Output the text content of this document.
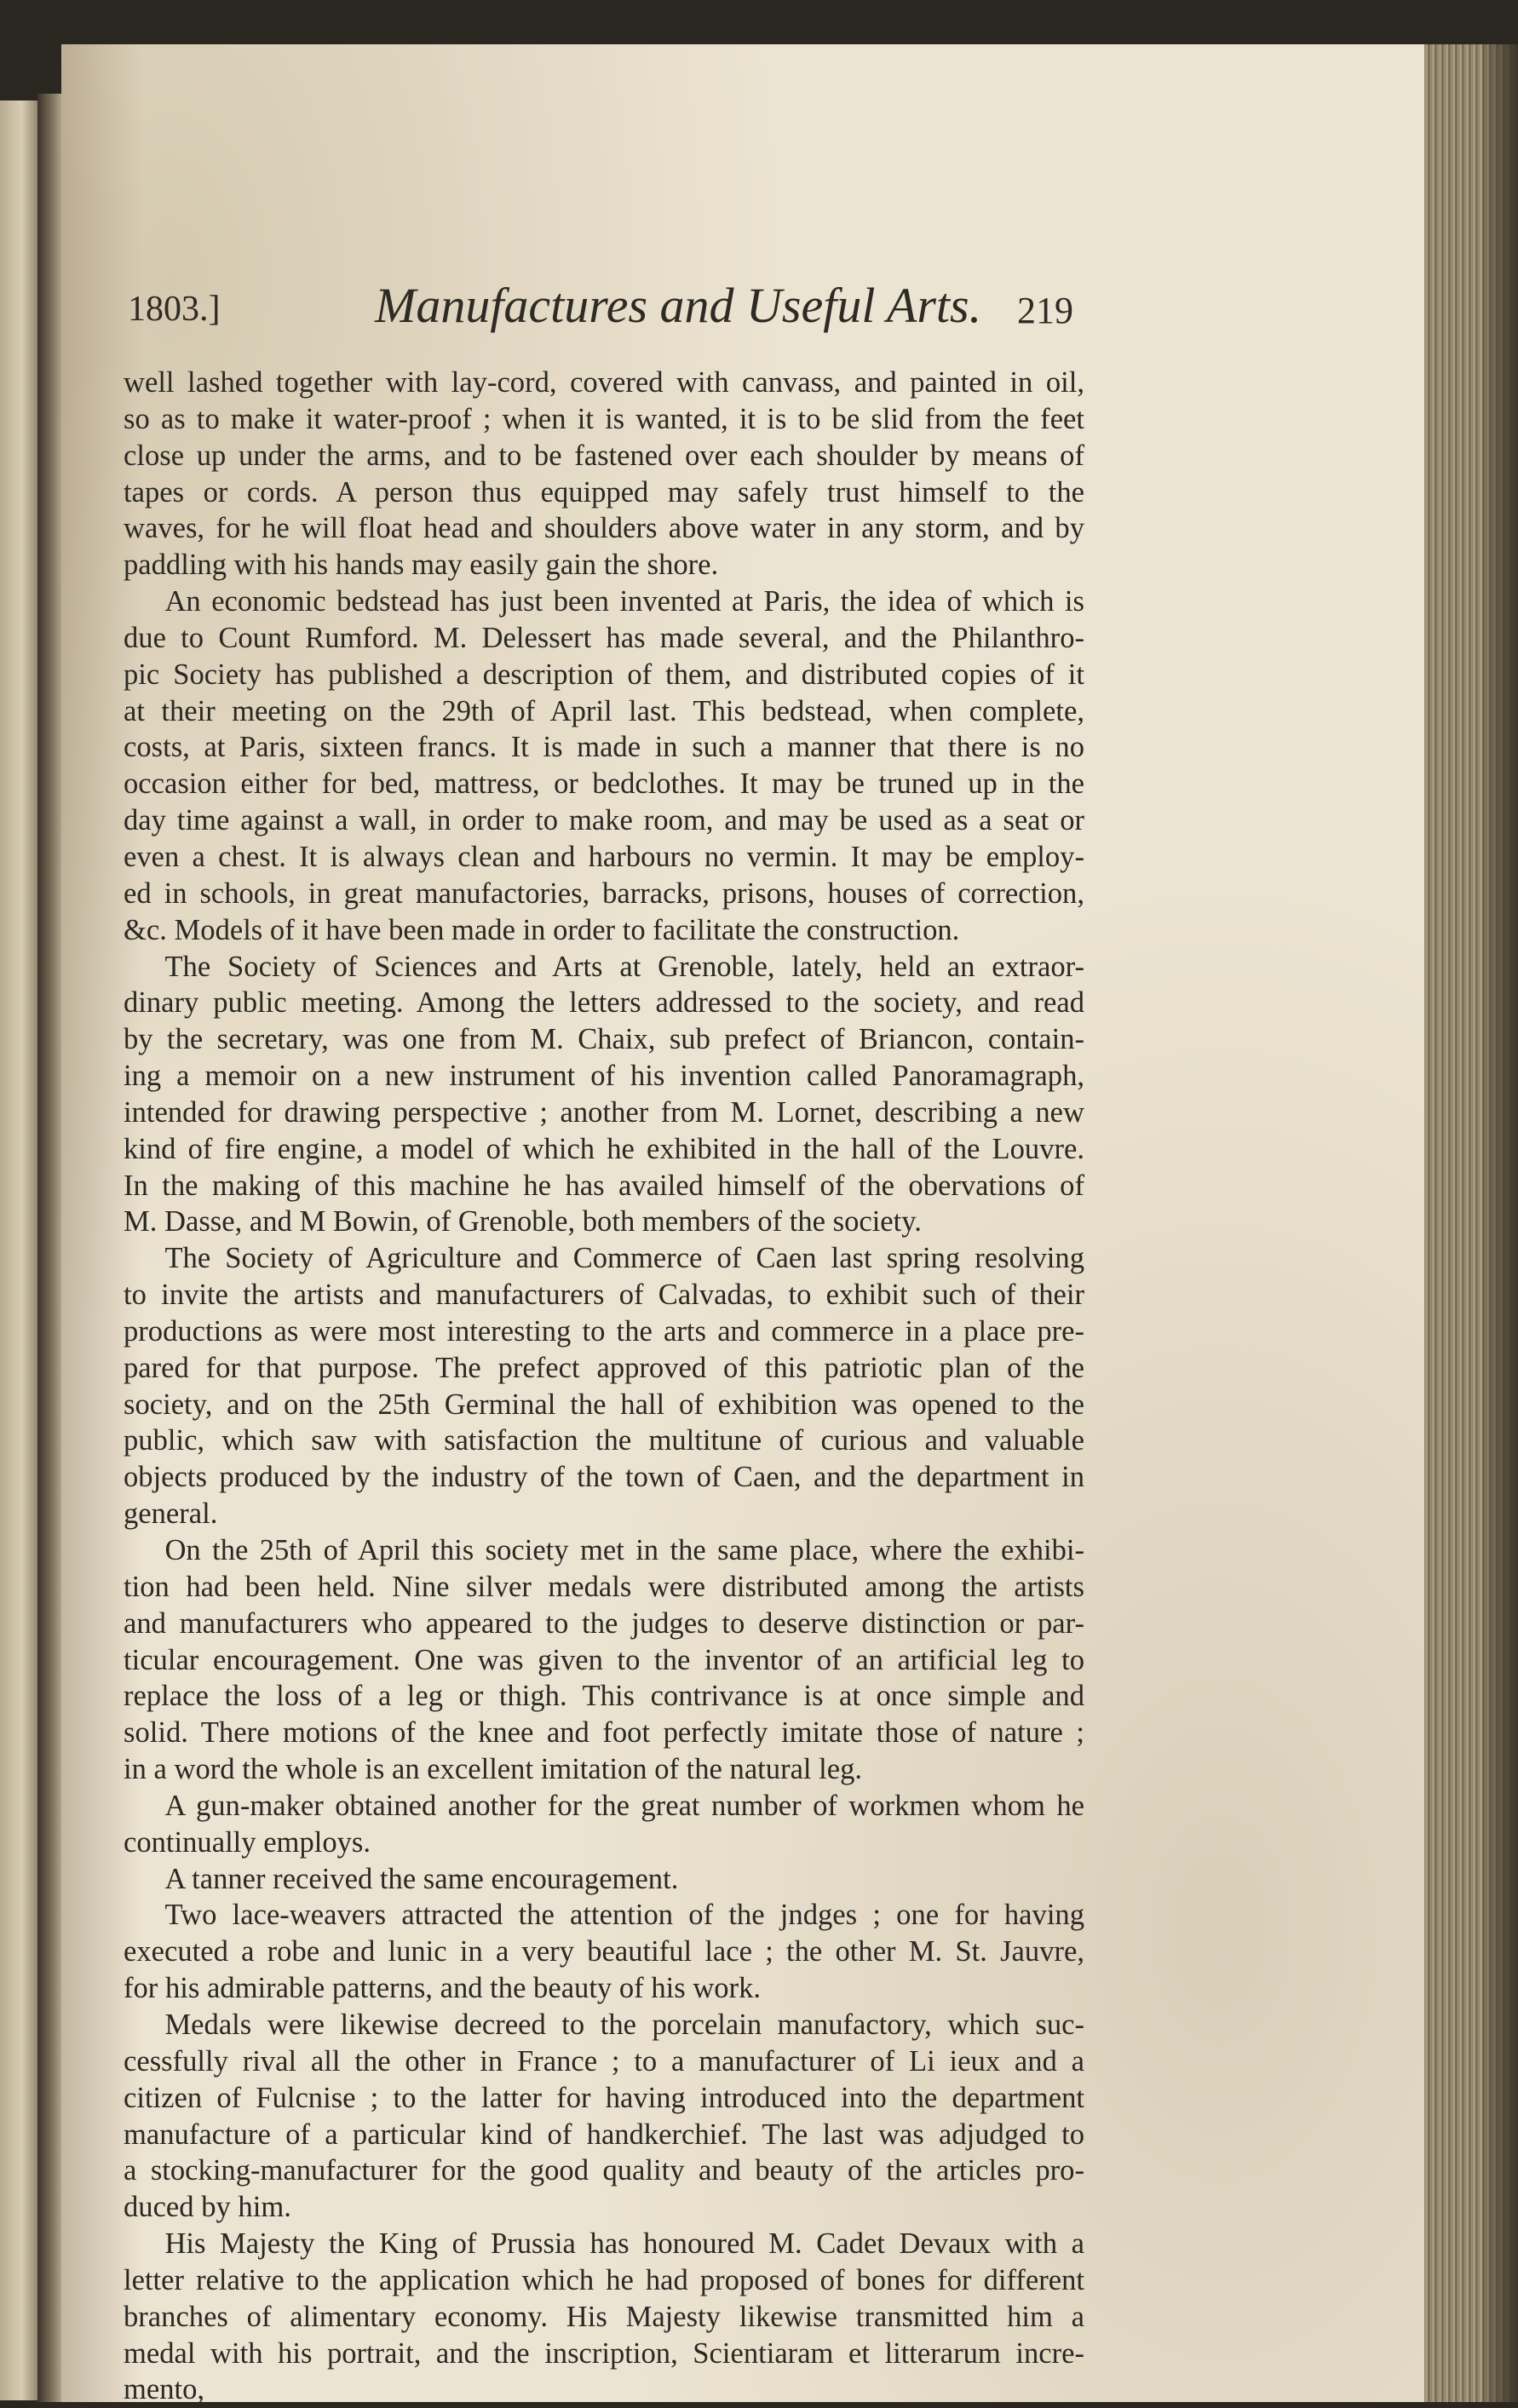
1803.]	Manufactures and Useful Arts. 219
well lashed together with lay-cord, covered with canvass, and painted in oil,
so as to make it water-proof ; when it is wanted, it is to be slid from the feet
close up under the arms, and to be fastened over each shoulder by means of
tapes or cords. A person thus equipped may safely trust himself to the
waves, for he will float head and shoulders above water in any storm, and by
paddling with his hands may easily gain the shore.
An economic bedstead has just been invented at Paris, the idea of which is
due to Count Rumford. M. Delessert has made several, and the Philanthro-
pic Society has published a description of them, and distributed copies of it
at their meeting on the 29th of April last. This bedstead, when complete,
costs, at Paris, sixteen francs. It is made in such a manner that there is no
occasion either for bed, mattress, or bedclothes. It may be truned up in the
day time against a wall, in order to make room, and may be used as a seat or
even a chest. It is always clean and harbours no vermin. It may be employ-
ed in schools, in great manufactories, barracks, prisons, houses of correction,
&c. Models of it have been made in order to facilitate the construction.
The Society of Sciences and Arts at Grenoble, lately, held an extraor-
dinary public meeting. Among the letters addressed to the society, and read
by the secretary, was one from M. Chaix, sub prefect of Briancon, contain-
ing a memoir on a new instrument of his invention called Panoramagraph,
intended for drawing perspective ; another from M. Lornet, describing a new
kind of fire engine, a model of which he exhibited in the hall of the Louvre.
In the making of this machine he has availed himself of the obervations of
M. Dasse, and M Bowin, of Grenoble, both members of the society.
The Society of Agriculture and Commerce of Caen last spring resolving
to invite the artists and manufacturers of Calvadas, to exhibit such of their
productions as were most interesting to the arts and commerce in a place pre-
pared for that purpose. The prefect approved of this patriotic plan of the
society, and on the 25th Germinal the hall of exhibition was opened to the
public, which saw with satisfaction the multitune of curious and valuable
objects produced by the industry of the town of Caen, and the department in
general.
On the 25th of April this society met in the same place, where the exhibi-
tion had been held. Nine silver medals were distributed among the artists
and manufacturers who appeared to the judges to deserve distinction or par-
ticular encouragement. One was given to the inventor of an artificial leg to
replace the loss of a leg or thigh. This contrivance is at once simple and
solid. There motions of the knee and foot perfectly imitate those of nature ;
in a word the whole is an excellent imitation of the natural leg.
A gun-maker obtained another for the great number of workmen whom he
continually employs.
A tanner received the same encouragement.
Two lace-weavers attracted the attention of the jndges ; one for having
executed a robe and lunic in a very beautiful lace ; the other M. St. Jauvre,
for his admirable patterns, and the beauty of his work.
Medals were likewise decreed to the porcelain manufactory, which suc-
cessfully rival all the other in France ; to a manufacturer of Li ieux and a
citizen of Fulcnise ; to the latter for having introduced into the department
manufacture of a particular kind of handkerchief. The last was adjudged to
a stocking-manufacturer for the good quality and beauty of the articles pro-
duced by him.
His Majesty the King of Prussia has honoured M. Cadet Devaux with a
letter relative to the application which he had proposed of bones for different
branches of alimentary economy. His Majesty likewise transmitted him a
medal with his portrait, and the inscription, Scientiaram et litterarum incre-
mento,
